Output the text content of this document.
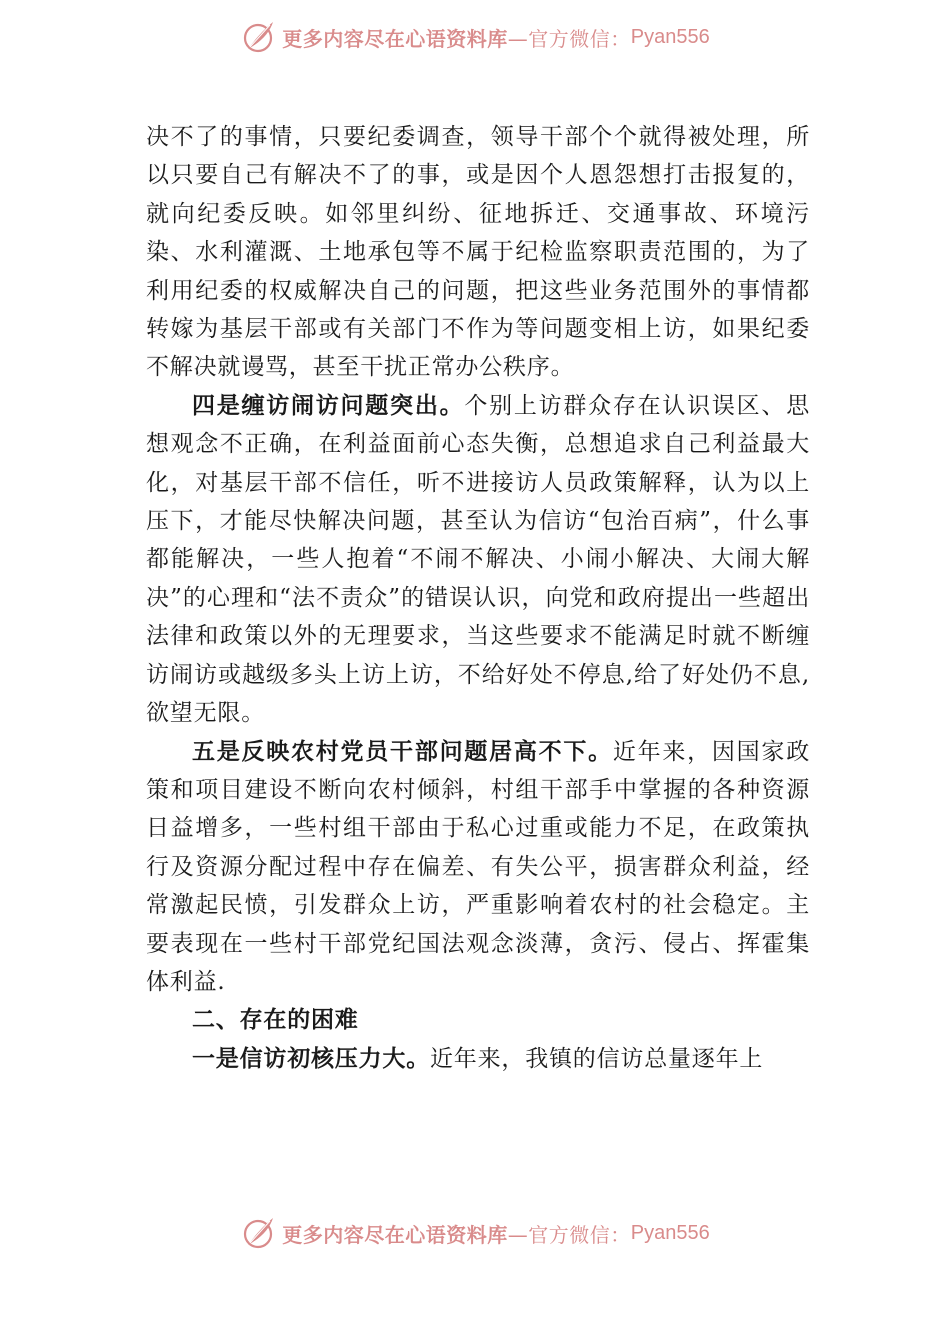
更多内容尽在心语资料库 —官方微信： Pyan556

决不了的事情，只要纪委调查，领导干部个个就得被处理，所以只要自己有解决不了的事，或是因个人恩怨想打击报复的，就向纪委反映。如邻里纠纷、征地拆迁、交通事故、环境污染、水利灌溉、土地承包等不属于纪检监察职责范围的，为了利用纪委的权威解决自己的问题，把这些业务范围外的事情都转嫁为基层干部或有关部门不作为等问题变相上访，如果纪委不解决就谩骂，甚至干扰正常办公秩序。

四是缠访闹访问题突出。个别上访群众存在认识误区、思想观念不正确，在利益面前心态失衡，总想追求自己利益最大化，对基层干部不信任，听不进接访人员政策解释，认为以上压下，才能尽快解决问题，甚至认为信访“包治百病”，什么事都能解决，一些人抱着“不闹不解决、小闹小解决、大闹大解决”的心理和“法不责众”的错误认识，向党和政府提出一些超出法律和政策以外的无理要求，当这些要求不能满足时就不断缠访闹访或越级多头上访上访，不给好处不停息,给了好处仍不息,欲望无限。

五是反映农村党员干部问题居高不下。近年来，因国家政策和项目建设不断向农村倾斜，村组干部手中掌握的各种资源日益增多，一些村组干部由于私心过重或能力不足，在政策执行及资源分配过程中存在偏差、有失公平，损害群众利益，经常激起民愤，引发群众上访，严重影响着农村的社会稳定。主要表现在一些村干部党纪国法观念淡薄，贪污、侵占、挥霍集体利益.

二、存在的困难

一是信访初核压力大。近年来，我镇的信访总量逐年上

更多内容尽在心语资料库 —官方微信： Pyan556
